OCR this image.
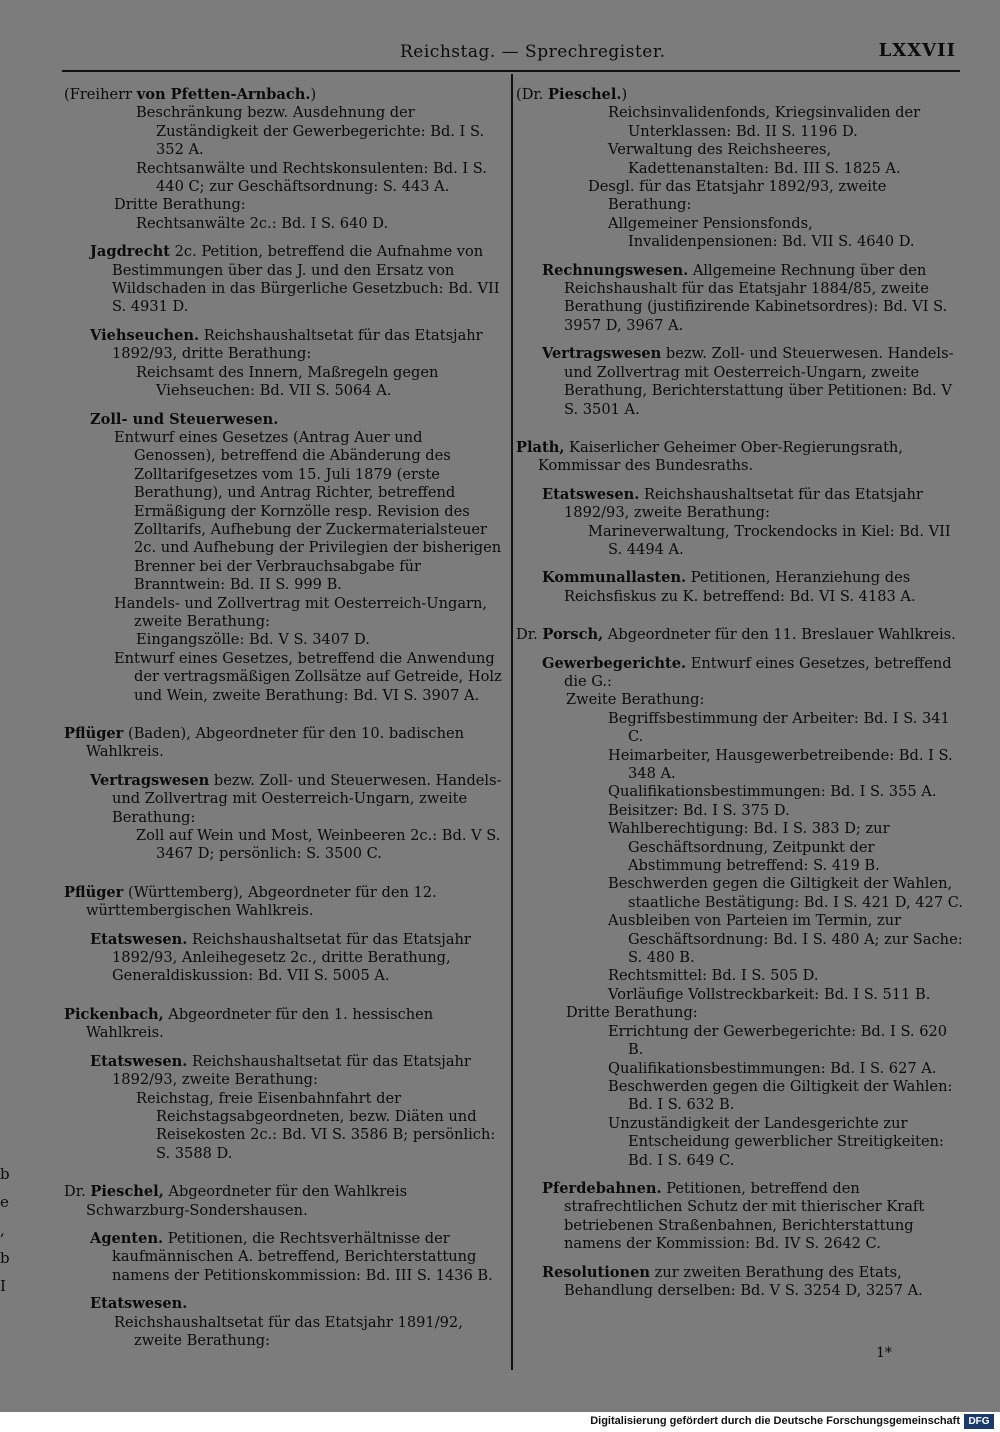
Reichstag. — Sprechregister.	LXXVII
(Freiherr von Pfetten-Arnbach.)
Beschränkung bezw. Ausdehnung der Zuständigkeit der Gewerbegerichte: Bd. I S. 352 A.
Rechtsanwälte und Rechtskonsulenten: Bd. I S. 440 C; zur Geschäftsordnung: S. 443 A.
Dritte Berathung:
Rechtsanwälte 2c.: Bd. I S. 640 D.
Jagdrecht 2c. Petition, betreffend die Aufnahme von Bestimmungen über das J. und den Ersatz von Wildschaden in das Bürgerliche Gesetzbuch: Bd. VII S. 4931 D.
Viehseuchen. Reichshaushaltsetat für das Etatsjahr 1892/93, dritte Berathung:
Reichsamt des Innern, Maßregeln gegen Viehseuchen: Bd. VII S. 5064 A.
Zoll- und Steuerwesen.
Entwurf eines Gesetzes (Antrag Auer und Genossen), betreffend die Abänderung des Zolltarifgesetzes vom 15. Juli 1879 (erste Berathung), und Antrag Richter, betreffend Ermäßigung der Kornzölle resp. Revision des Zolltarifs, Aufhebung der Zuckermaterialsteuer 2c. und Aufhebung der Privilegien der bisherigen Brenner bei der Verbrauchsabgabe für Branntwein: Bd. II S. 999 B.
Handels- und Zollvertrag mit Oesterreich-Ungarn, zweite Berathung:
Eingangszölle: Bd. V S. 3407 D.
Entwurf eines Gesetzes, betreffend die Anwendung der vertragsmäßigen Zollsätze auf Getreide, Holz und Wein, zweite Berathung: Bd. VI S. 3907 A.
Pflüger (Baden), Abgeordneter für den 10. badischen Wahlkreis.
Vertragswesen bezw. Zoll- und Steuerwesen. Handels- und Zollvertrag mit Oesterreich-Ungarn, zweite Berathung:
Zoll auf Wein und Most, Weinbeeren 2c.: Bd. V S. 3467 D; persönlich: S. 3500 C.
Pflüger (Württemberg), Abgeordneter für den 12. württembergischen Wahlkreis.
Etatswesen. Reichshaushaltsetat für das Etatsjahr 1892/93, Anleihegesetz 2c., dritte Berathung, Generaldiskussion: Bd. VII S. 5005 A.
Pickenbach, Abgeordneter für den 1. hessischen Wahlkreis.
Etatswesen. Reichshaushaltsetat für das Etatsjahr 1892/93, zweite Berathung:
Reichstag, freie Eisenbahnfahrt der Reichstagsabgeordneten, bezw. Diäten und Reisekosten 2c.: Bd. VI S. 3586 B; persönlich: S. 3588 D.
Dr. Pieschel, Abgeordneter für den Wahlkreis Schwarzburg-Sondershausen.
Agenten. Petitionen, die Rechtsverhältnisse der kaufmännischen A. betreffend, Berichterstattung namens der Petitionskommission: Bd. III S. 1436 B.
Etatswesen.
Reichshaushaltsetat für das Etatsjahr 1891/92, zweite Berathung:
(Dr. Pieschel.)
Reichsinvalidenfonds, Kriegsinvaliden der Unterklassen: Bd. II S. 1196 D.
Verwaltung des Reichsheeres, Kadettenanstalten: Bd. III S. 1825 A.
Desgl. für das Etatsjahr 1892/93, zweite Berathung:
Allgemeiner Pensionsfonds, Invalidenpensionen: Bd. VII S. 4640 D.
Rechnungswesen. Allgemeine Rechnung über den Reichshaushalt für das Etatsjahr 1884/85, zweite Berathung (justifizirende Kabinetsordres): Bd. VI S. 3957 D, 3967 A.
Vertragswesen bezw. Zoll- und Steuerwesen. Handels- und Zollvertrag mit Oesterreich-Ungarn, zweite Berathung, Berichterstattung über Petitionen: Bd. V S. 3501 A.
Plath, Kaiserlicher Geheimer Ober-Regierungsrath, Kommissar des Bundesraths.
Etatswesen. Reichshaushaltsetat für das Etatsjahr 1892/93, zweite Berathung:
Marineverwaltung, Trockendocks in Kiel: Bd. VII S. 4494 A.
Kommunallasten. Petitionen, Heranziehung des Reichsfiskus zu K. betreffend: Bd. VI S. 4183 A.
Dr. Porsch, Abgeordneter für den 11. Breslauer Wahlkreis.
Gewerbegerichte. Entwurf eines Gesetzes, betreffend die G.:
Zweite Berathung:
Begriffsbestimmung der Arbeiter: Bd. I S. 341 C.
Heimarbeiter, Hausgewerbetreibende: Bd. I S. 348 A.
Qualifikationsbestimmungen: Bd. I S. 355 A.
Beisitzer: Bd. I S. 375 D.
Wahlberechtigung: Bd. I S. 383 D; zur Geschäftsordnung, Zeitpunkt der Abstimmung betreffend: S. 419 B.
Beschwerden gegen die Giltigkeit der Wahlen, staatliche Bestätigung: Bd. I S. 421 D, 427 C.
Ausbleiben von Parteien im Termin, zur Geschäftsordnung: Bd. I S. 480 A; zur Sache: S. 480 B.
Rechtsmittel: Bd. I S. 505 D.
Vorläufige Vollstreckbarkeit: Bd. I S. 511 B.
Dritte Berathung:
Errichtung der Gewerbegerichte: Bd. I S. 620 B.
Qualifikationsbestimmungen: Bd. I S. 627 A.
Beschwerden gegen die Giltigkeit der Wahlen: Bd. I S. 632 B.
Unzuständigkeit der Landesgerichte zur Entscheidung gewerblicher Streitigkeiten: Bd. I S. 649 C.
Pferdebahnen. Petitionen, betreffend den strafrechtlichen Schutz der mit thierischer Kraft betriebenen Straßenbahnen, Berichterstattung namens der Kommission: Bd. IV S. 2642 C.
Resolutionen zur zweiten Berathung des Etats, Behandlung derselben: Bd. V S. 3254 D, 3257 A.
b
e
,
b
I
1*
Digitalisierung gefördert durch die Deutsche Forschungsgemeinschaft DFG
